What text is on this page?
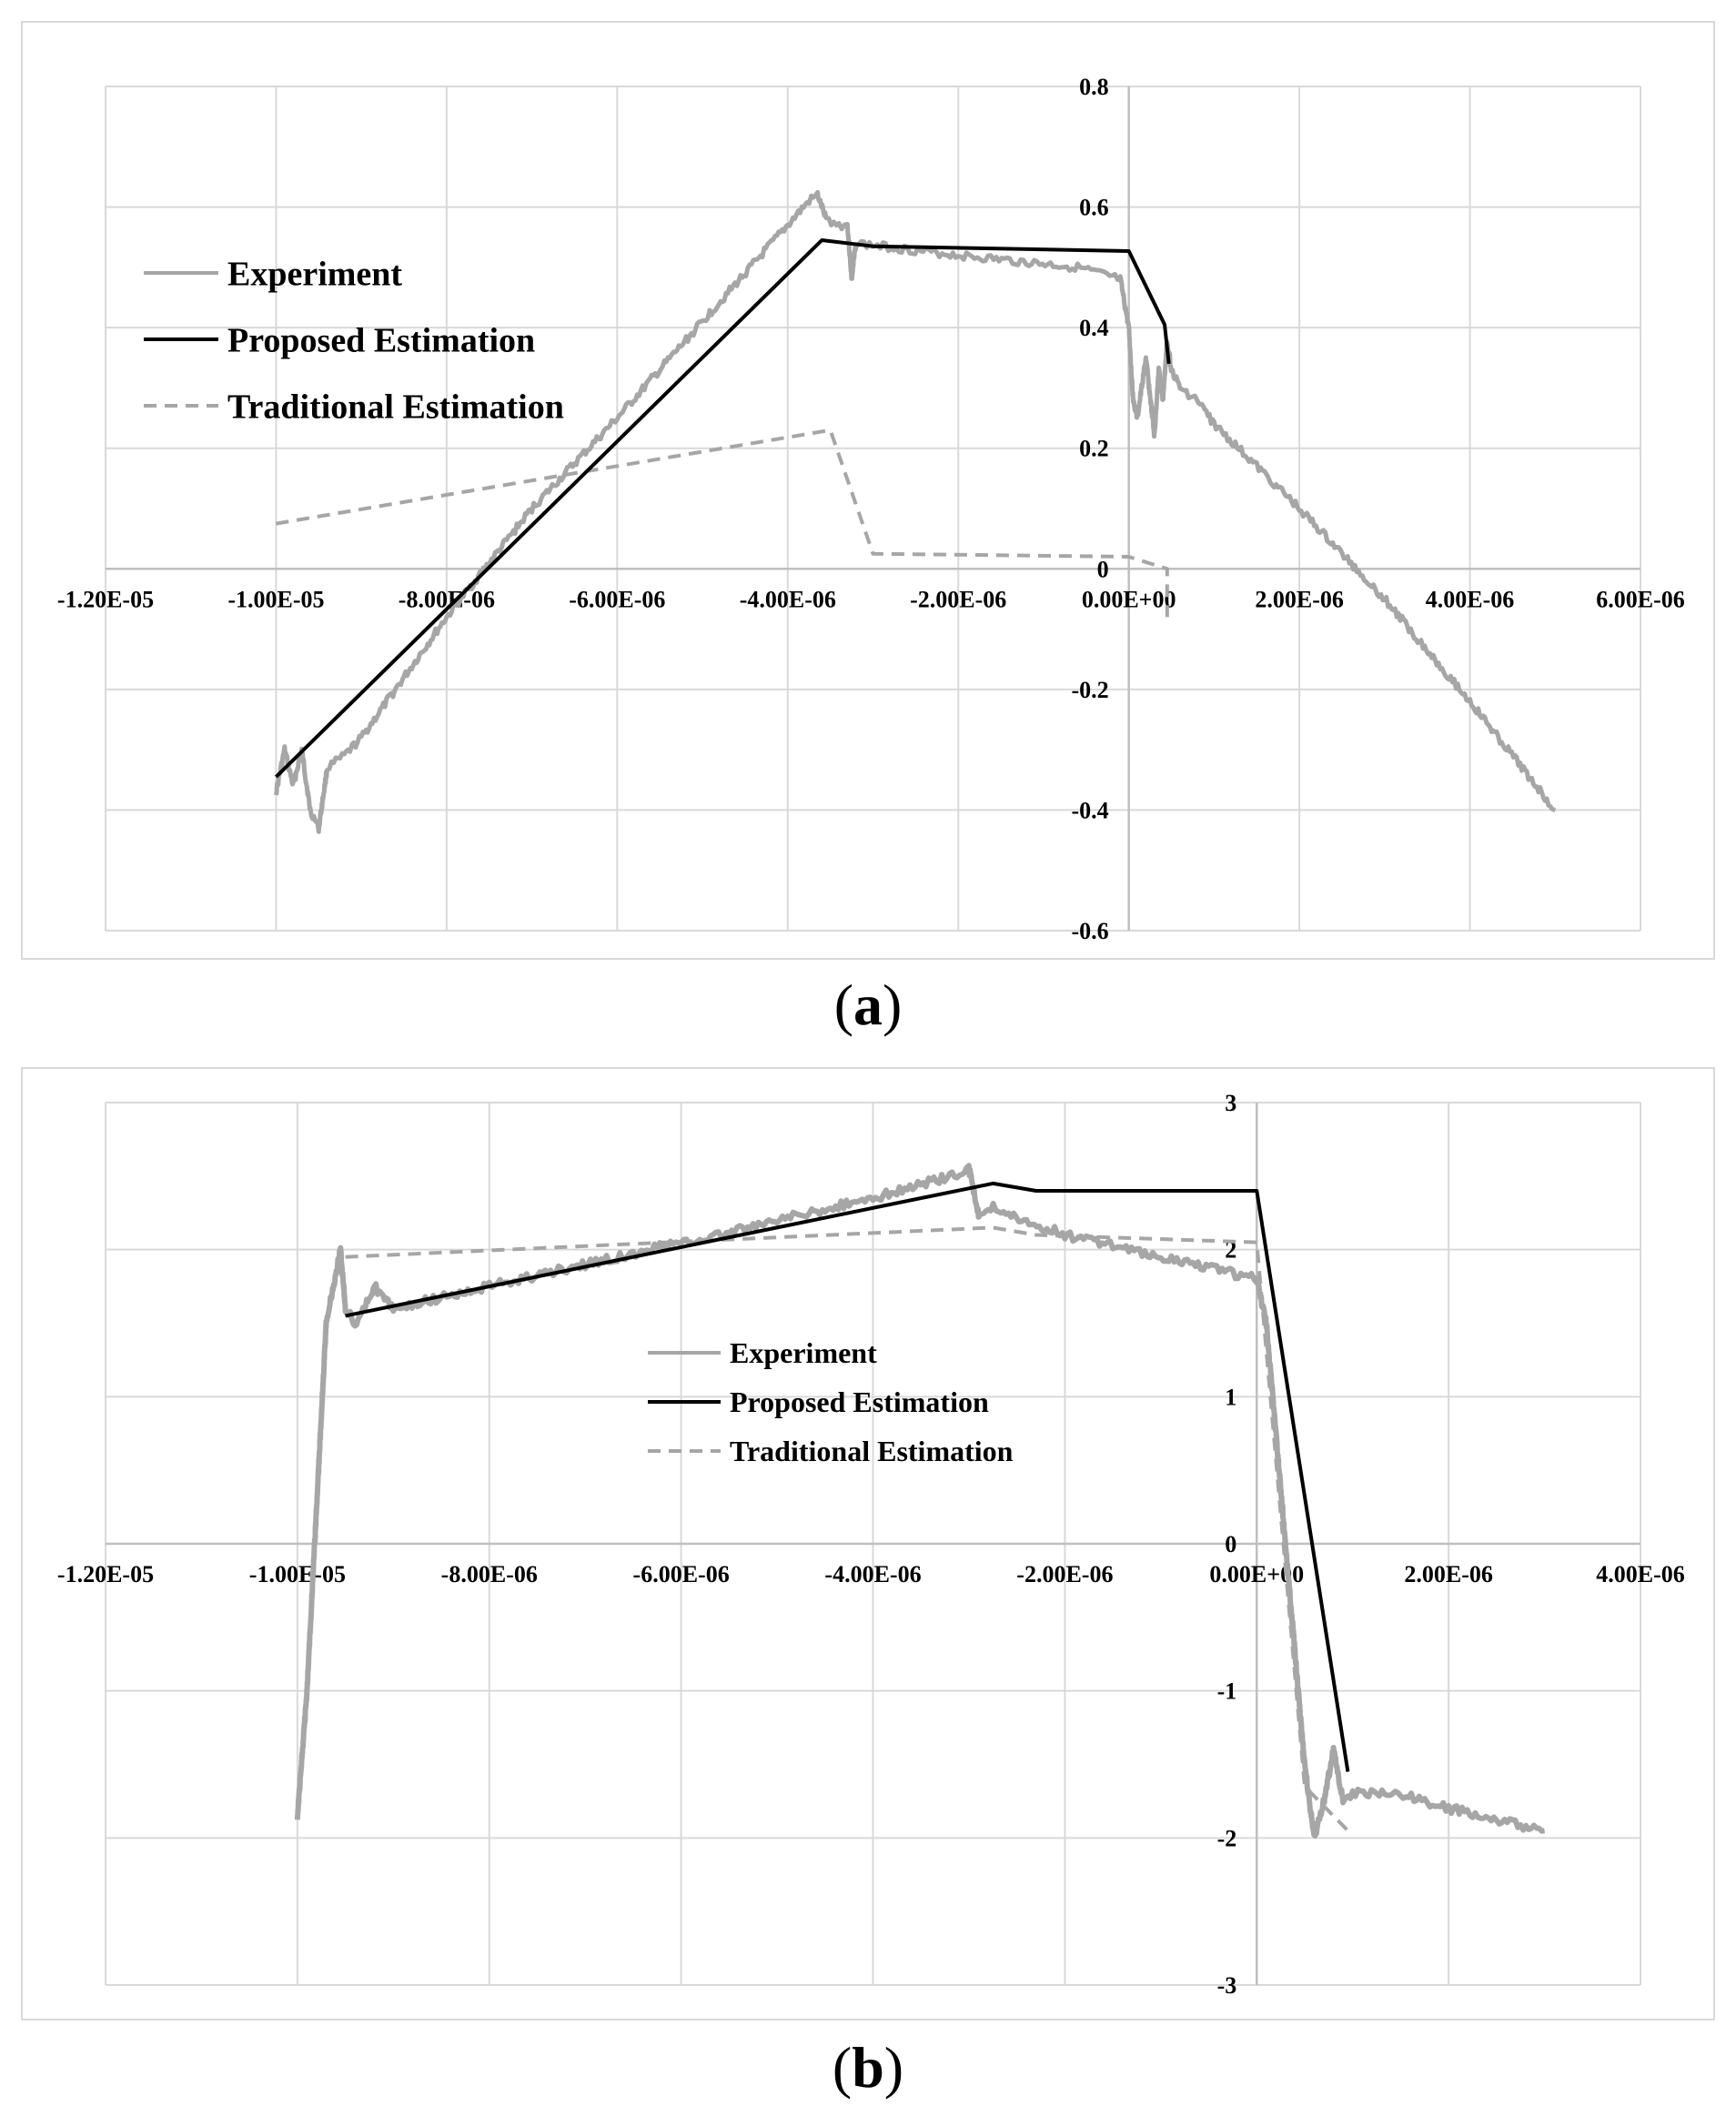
-1.20E-05	-1.00E-05	-8.00E-06	-6.00E-06	-4.00E-06	-2.00E-06	0.00E+00	2.00E-06	4.00E-06	6.00E-06
0.8
0.6
0.4
0.2
0
-0.2
-0.4
-0.6
Experiment
Proposed Estimation
Traditional Estimation
(a)
-1.20E-05	-1.00E-05	-8.00E-06	-6.00E-06	-4.00E-06	-2.00E-06	0.00E+00	2.00E-06	4.00E-06
3
2
1
0
-1
-2
-3
Experiment
Proposed Estimation
Traditional Estimation
(b)
